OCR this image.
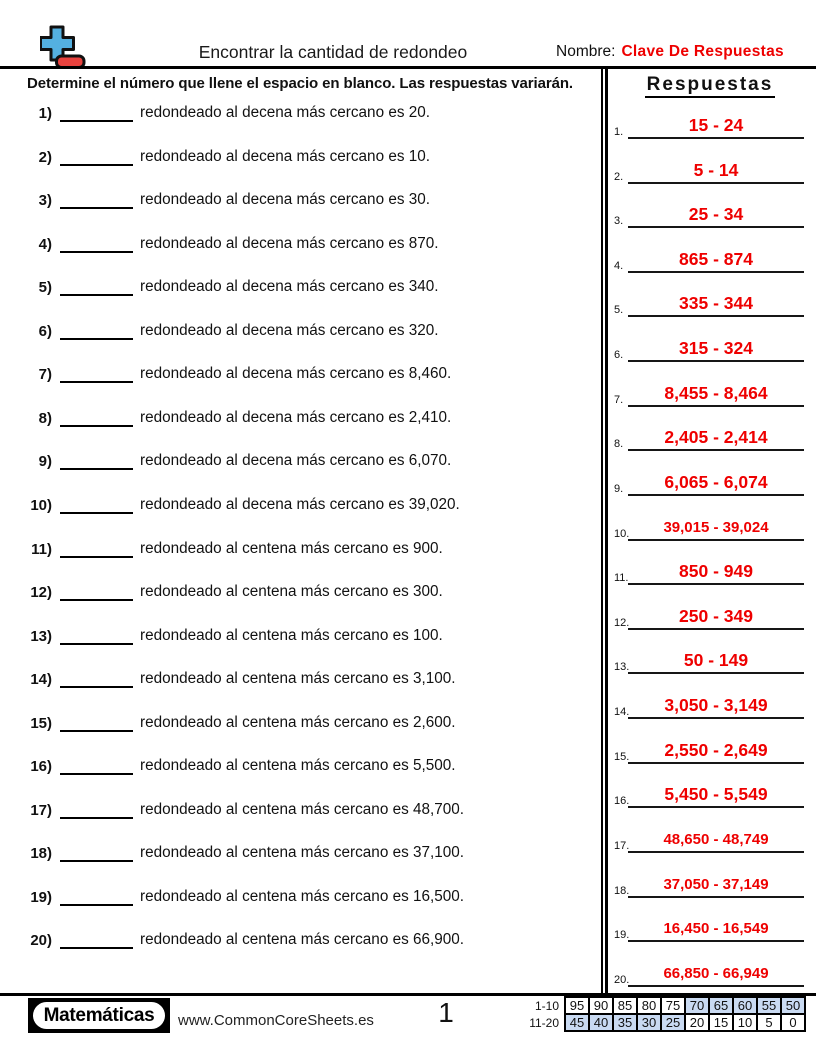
Encontrar la cantidad de redondeo	Nombre: Clave De Respuestas
Determine el número que llene el espacio en blanco. Las respuestas variarán.
1)	redondeado al decena más cercano es 20.
2)	redondeado al decena más cercano es 10.
3)	redondeado al decena más cercano es 30.
4)	redondeado al decena más cercano es 870.
5)	redondeado al decena más cercano es 340.
6)	redondeado al decena más cercano es 320.
7)	redondeado al decena más cercano es 8,460.
8)	redondeado al decena más cercano es 2,410.
9)	redondeado al decena más cercano es 6,070.
10)	redondeado al decena más cercano es 39,020.
11)	redondeado al centena más cercano es 900.
12)	redondeado al centena más cercano es 300.
13)	redondeado al centena más cercano es 100.
14)	redondeado al centena más cercano es 3,100.
15)	redondeado al centena más cercano es 2,600.
16)	redondeado al centena más cercano es 5,500.
17)	redondeado al centena más cercano es 48,700.
18)	redondeado al centena más cercano es 37,100.
19)	redondeado al centena más cercano es 16,500.
20)	redondeado al centena más cercano es 66,900.
Respuestas
1.	15 - 24
2.	5 - 14
3.	25 - 34
4.	865 - 874
5.	335 - 344
6.	315 - 324
7.	8,455 - 8,464
8.	2,405 - 2,414
9.	6,065 - 6,074
10.	39,015 - 39,024
11.	850 - 949
12.	250 - 349
13.	50 - 149
14.	3,050 - 3,149
15.	2,550 - 2,649
16.	5,450 - 5,549
17.	48,650 - 48,749
18.	37,050 - 37,149
19.	16,450 - 16,549
20.	66,850 - 66,949
Matemáticas	www.CommonCoreSheets.es	1	1-10	95	90	85	80	75	70	65	60	55	50
11-20	45	40	35	30	25	20	15	10	5	0
